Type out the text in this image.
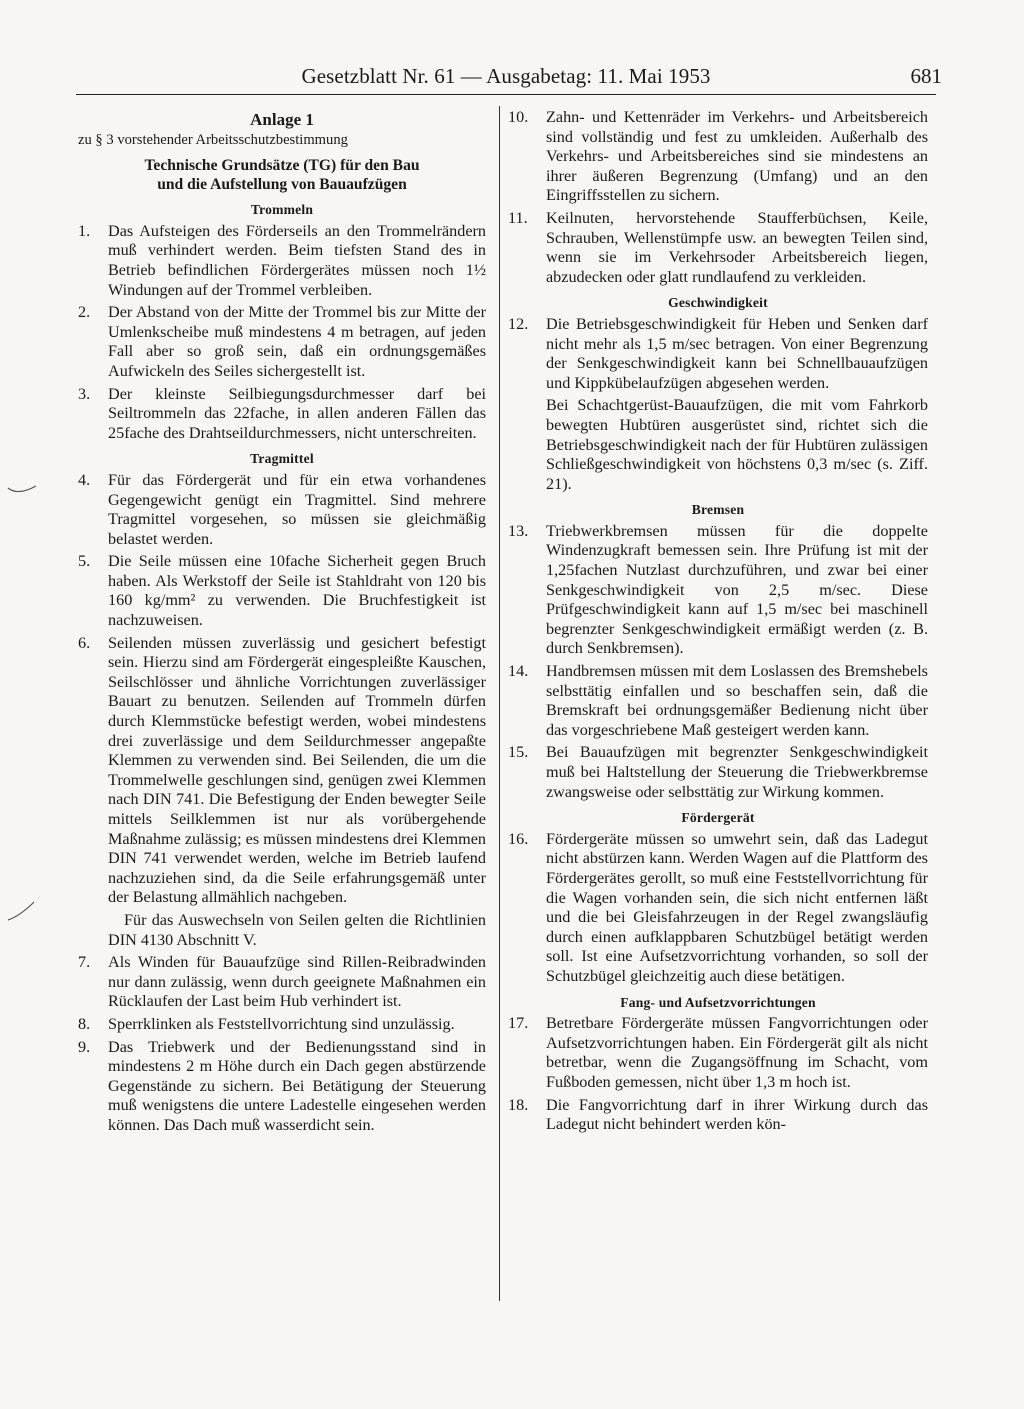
Gesetzblatt Nr. 61 — Ausgabetag: 11. Mai 1953	681
Anlage 1
zu § 3 vorstehender Arbeitsschutzbestimmung
Technische Grundsätze (TG) für den Bau
und die Aufstellung von Bauaufzügen
Trommeln
1.	Das Aufsteigen des Förderseils an den Trommelrändern muß verhindert werden. Beim tiefsten Stand des in Betrieb befindlichen Fördergerätes müssen noch 1½ Windungen auf der Trommel verbleiben.
2.	Der Abstand von der Mitte der Trommel bis zur Mitte der Umlenkscheibe muß mindestens 4 m betragen, auf jeden Fall aber so groß sein, daß ein ordnungsgemäßes Aufwickeln des Seiles sichergestellt ist.
3.	Der kleinste Seilbiegungsdurchmesser darf bei Seiltrommeln das 22fache, in allen anderen Fällen das 25fache des Drahtseildurchmessers, nicht unterschreiten.
Tragmittel
4.	Für das Fördergerät und für ein etwa vorhandenes Gegengewicht genügt ein Tragmittel. Sind mehrere Tragmittel vorgesehen, so müssen sie gleichmäßig belastet werden.
5.	Die Seile müssen eine 10fache Sicherheit gegen Bruch haben. Als Werkstoff der Seile ist Stahldraht von 120 bis 160 kg/mm² zu verwenden. Die Bruchfestigkeit ist nachzuweisen.
6.	Seilenden müssen zuverlässig und gesichert befestigt sein. Hierzu sind am Fördergerät eingespleißte Kauschen, Seilschlösser und ähnliche Vorrichtungen zuverlässiger Bauart zu benutzen. Seilenden auf Trommeln dürfen durch Klemmstücke befestigt werden, wobei mindestens drei zuverlässige und dem Seildurchmesser angepaßte Klemmen zu verwenden sind. Bei Seilenden, die um die Trommelwelle geschlungen sind, genügen zwei Klemmen nach DIN 741. Die Befestigung der Enden bewegter Seile mittels Seilklemmen ist nur als vorübergehende Maßnahme zulässig; es müssen mindestens drei Klemmen DIN 741 verwendet werden, welche im Betrieb laufend nachzuziehen sind, da die Seile erfahrungsgemäß unter der Belastung allmählich nachgeben.
Für das Auswechseln von Seilen gelten die Richtlinien DIN 4130 Abschnitt V.
7.	Als Winden für Bauaufzüge sind Rillen-Reibradwinden nur dann zulässig, wenn durch geeignete Maßnahmen ein Rücklaufen der Last beim Hub verhindert ist.
8.	Sperrklinken als Feststellvorrichtung sind unzulässig.
9.	Das Triebwerk und der Bedienungsstand sind in mindestens 2 m Höhe durch ein Dach gegen abstürzende Gegenstände zu sichern. Bei Betätigung der Steuerung muß wenigstens die untere Ladestelle eingesehen werden können. Das Dach muß wasserdicht sein.
10.	Zahn- und Kettenräder im Verkehrs- und Arbeitsbereich sind vollständig und fest zu umkleiden. Außerhalb des Verkehrs- und Arbeitsbereiches sind sie mindestens an ihrer äußeren Begrenzung (Umfang) und an den Eingriffsstellen zu sichern.
11.	Keilnuten, hervorstehende Staufferbüchsen, Keile, Schrauben, Wellenstümpfe usw. an bewegten Teilen sind, wenn sie im Verkehrsoder Arbeitsbereich liegen, abzudecken oder glatt rundlaufend zu verkleiden.
Geschwindigkeit
12.	Die Betriebsgeschwindigkeit für Heben und Senken darf nicht mehr als 1,5 m/sec betragen. Von einer Begrenzung der Senkgeschwindigkeit kann bei Schnellbauaufzügen und Kippkübelaufzügen abgesehen werden.
Bei Schachtgerüst-Bauaufzügen, die mit vom Fahrkorb bewegten Hubtüren ausgerüstet sind, richtet sich die Betriebsgeschwindigkeit nach der für Hubtüren zulässigen Schließgeschwindigkeit von höchstens 0,3 m/sec (s. Ziff. 21).
Bremsen
13.	Triebwerkbremsen müssen für die doppelte Windenzugkraft bemessen sein. Ihre Prüfung ist mit der 1,25fachen Nutzlast durchzuführen, und zwar bei einer Senkgeschwindigkeit von 2,5 m/sec. Diese Prüfgeschwindigkeit kann auf 1,5 m/sec bei maschinell begrenzter Senkgeschwindigkeit ermäßigt werden (z. B. durch Senkbremsen).
14.	Handbremsen müssen mit dem Loslassen des Bremshebels selbsttätig einfallen und so beschaffen sein, daß die Bremskraft bei ordnungsgemäßer Bedienung nicht über das vorgeschriebene Maß gesteigert werden kann.
15.	Bei Bauaufzügen mit begrenzter Senkgeschwindigkeit muß bei Haltstellung der Steuerung die Triebwerkbremse zwangsweise oder selbsttätig zur Wirkung kommen.
Fördergerät
16.	Fördergeräte müssen so umwehrt sein, daß das Ladegut nicht abstürzen kann. Werden Wagen auf die Plattform des Fördergerätes gerollt, so muß eine Feststellvorrichtung für die Wagen vorhanden sein, die sich nicht entfernen läßt und die bei Gleisfahrzeugen in der Regel zwangsläufig durch einen aufklappbaren Schutzbügel betätigt werden soll. Ist eine Aufsetzvorrichtung vorhanden, so soll der Schutzbügel gleichzeitig auch diese betätigen.
Fang- und Aufsetzvorrichtungen
17.	Betretbare Fördergeräte müssen Fangvorrichtungen oder Aufsetzvorrichtungen haben. Ein Fördergerät gilt als nicht betretbar, wenn die Zugangsöffnung im Schacht, vom Fußboden gemessen, nicht über 1,3 m hoch ist.
18.	Die Fangvorrichtung darf in ihrer Wirkung durch das Ladegut nicht behindert werden kön-
